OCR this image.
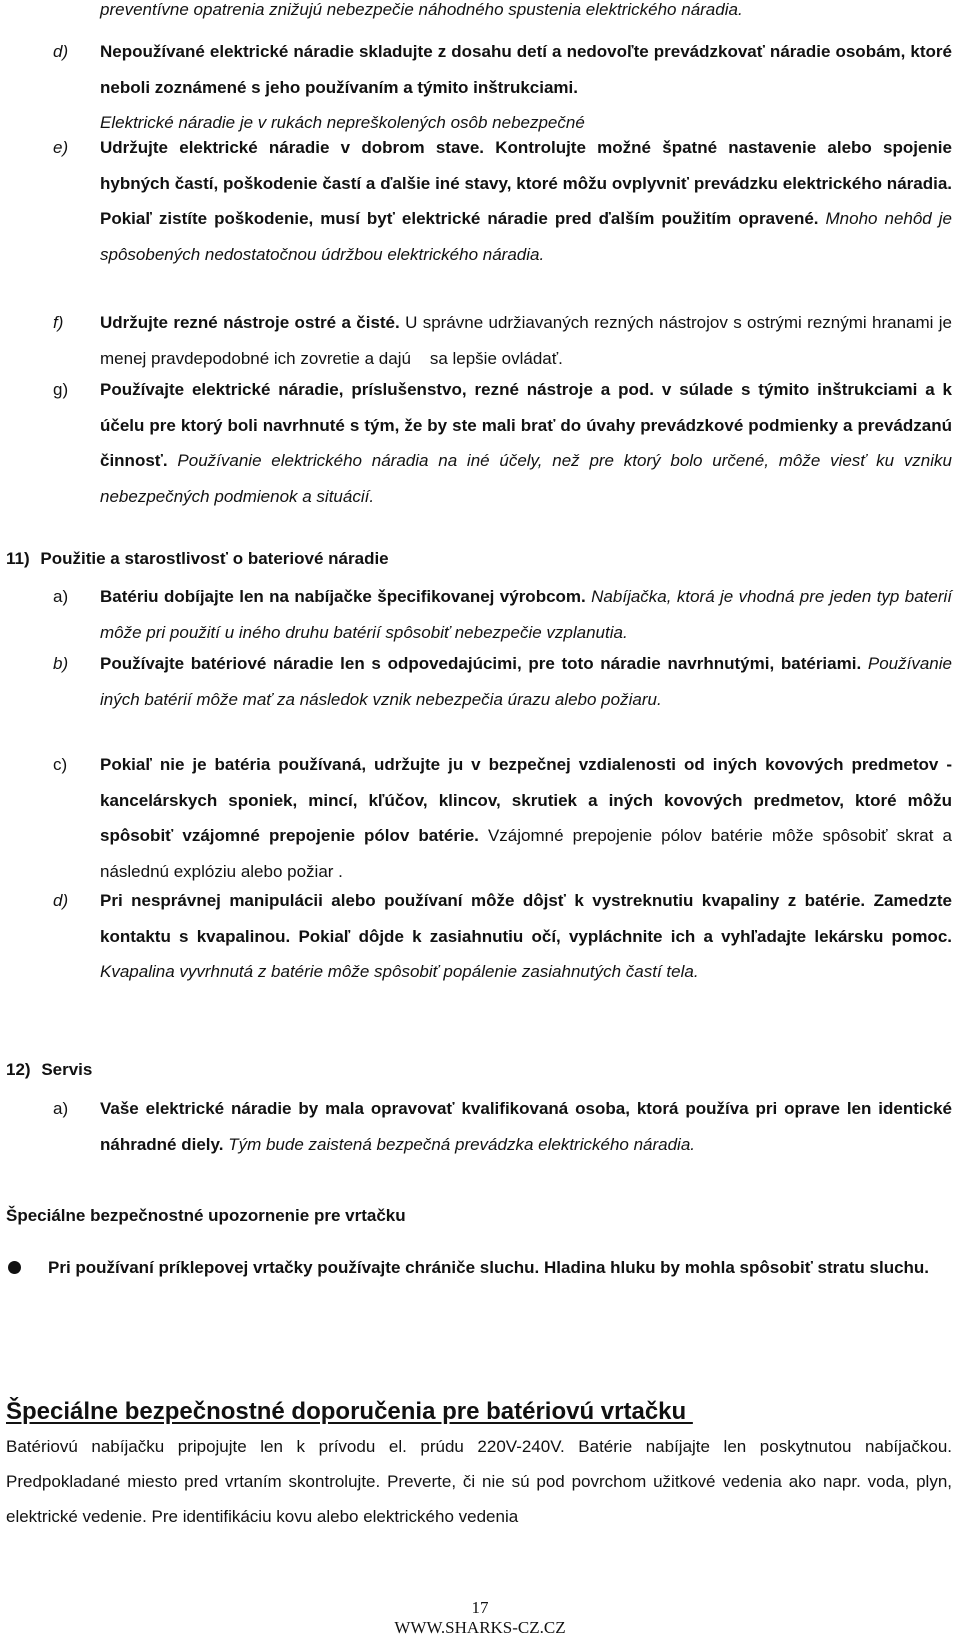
preventívne opatrenia znižujú nebezpečie náhodného spustenia elektrického náradia.
d) Nepoužívané elektrické náradie skladujte z dosahu detí a nedovoľte prevádzkovať náradie osobám, ktoré neboli zoznámené s jeho používaním a týmito inštrukciami.
Elektrické náradie je v rukách nepreškolených osôb nebezpečné
e) Udržujte elektrické náradie v dobrom stave. Kontrolujte možné špatné nastavenie alebo spojenie hybných častí, poškodenie častí a ďalšie iné stavy, ktoré môžu ovplyvniť prevádzku elektrického náradia. Pokiaľ zistíte poškodenie, musí byť elektrické náradie pred ďalším použitím opravené. Mnoho nehôd je spôsobených nedostatočnou údržbou elektrického náradia.
f) Udržujte rezné nástroje ostré a čisté. U správne udržiavaných rezných nástrojov s ostrými reznými hranami je menej pravdepodobné ich zovretie a dajú    sa lepšie ovládať.
g) Používajte elektrické náradie, príslušenstvo, rezné nástroje a pod. v súlade s týmito inštrukciami a k účelu pre ktorý boli navrhnuté s tým, že by ste mali brať do úvahy prevádzkové podmienky a prevádzanú činnosť. Používanie elektrického náradia na iné účely, než pre ktorý bolo určené, môže viesť ku vzniku nebezpečných podmienok a situácií.
11) Použitie a starostlivosť o bateriové náradie
a) Batériu dobíjajte len na nabíjačke špecifikovanej výrobcom. Nabíjačka, ktorá je vhodná pre jeden typ baterií môže pri použití u iného druhu batérií spôsobiť nebezpečie vzplanutia.
b) Používajte batériové náradie len s odpovedajúcimi, pre toto náradie navrhnutými, batériami. Používanie iných batérií môže mať za následok vznik nebezpečia úrazu alebo požiaru.
c) Pokiaľ nie je batéria používaná, udržujte ju v bezpečnej vzdialenosti od iných kovových predmetov - kancelárskych sponiek, mincí, kľúčov, klincov, skrutiek a iných kovových predmetov, ktoré môžu spôsobiť vzájomné prepojenie pólov batérie. Vzájomné prepojenie pólov batérie môže spôsobiť skrat a následnú explóziu alebo požiar .
d) Pri nesprávnej manipulácii alebo používaní môže dôjsť k vystreknutiu kvapaliny z batérie. Zamedzte kontaktu s kvapalinou. Pokiaľ dôjde k zasiahnutiu očí, vypláchnite ich a vyhľadajte lekársku pomoc. Kvapalina vyvrhnutá z batérie môže spôsobiť popálenie zasiahnutých častí tela.
12) Servis
a) Vaše elektrické náradie by mala opravovať kvalifikovaná osoba, ktorá používa pri oprave len identické náhradné diely. Tým bude zaistená bezpečná prevádzka elektrického náradia.
Špeciálne bezpečnostné upozornenie pre vrtačku
Pri používaní príklepovej vrtačky používajte chrániče sluchu. Hladina hluku by mohla spôsobiť stratu sluchu.
Špeciálne bezpečnostné doporučenia pre batériovú vrtačku
Batériovú nabíjačku pripojujte len k prívodu el. prúdu 220V-240V. Batérie nabíjajte len poskytnutou nabíjačkou. Predpokladané miesto pred vrtaním skontrolujte. Preverte, či nie sú pod povrchom užitkové vedenia ako napr. voda, plyn, elektrické vedenie. Pre identifikáciu kovu alebo elektrického vedenia
17
WWW.SHARKS-CZ.CZ
